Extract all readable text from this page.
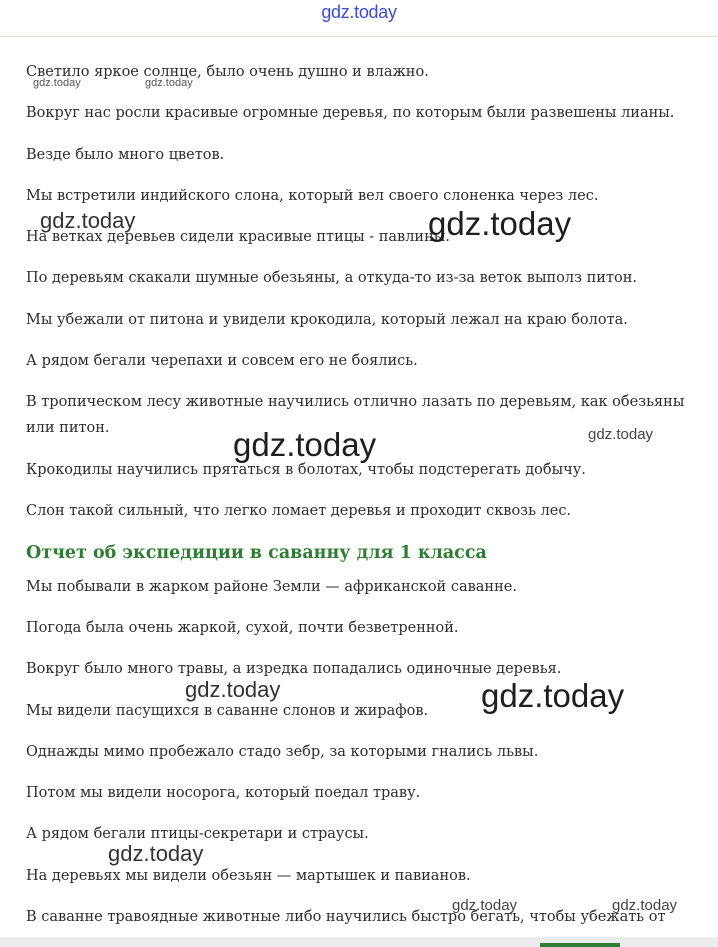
gdz.today

Светило яркое солнце, было очень душно и влажно.

Вокруг нас росли красивые огромные деревья, по которым были развешены лианы.

Везде было много цветов.

Мы встретили индийского слона, который вел своего слоненка через лес.

На ветках деревьев сидели красивые птицы - павлины.

По деревьям скакали шумные обезьяны, а откуда-то из-за веток выполз питон.

Мы убежали от питона и увидели крокодила, который лежал на краю болота.

А рядом бегали черепахи и совсем его не боялись.

В тропическом лесу животные научились отлично лазать по деревьям, как обезьяны или питон.

Крокодилы научились прятаться в болотах, чтобы подстерегать добычу.

Слон такой сильный, что легко ломает деревья и проходит сквозь лес.

Отчет об экспедиции в саванну для 1 класса

Мы побывали в жарком районе Земли — африканской саванне.

Погода была очень жаркой, сухой, почти безветренной.

Вокруг было много травы, а изредка попадались одиночные деревья.

Мы видели пасущихся в саванне слонов и жирафов.

Однажды мимо пробежало стадо зебр, за которыми гнались львы.

Потом мы видели носорога, который поедал траву.

А рядом бегали птицы-секретари и страусы.

На деревьях мы видели обезьян — мартышек и павианов.

В саванне травоядные животные либо научились быстро бегать, чтобы убежать от

gdz.today	gdz.today
gdz.today	gdz.today
gdz.today	gdz.today
gdz.today	gdz.today
gdz.today
gdz.today	gdz.today
